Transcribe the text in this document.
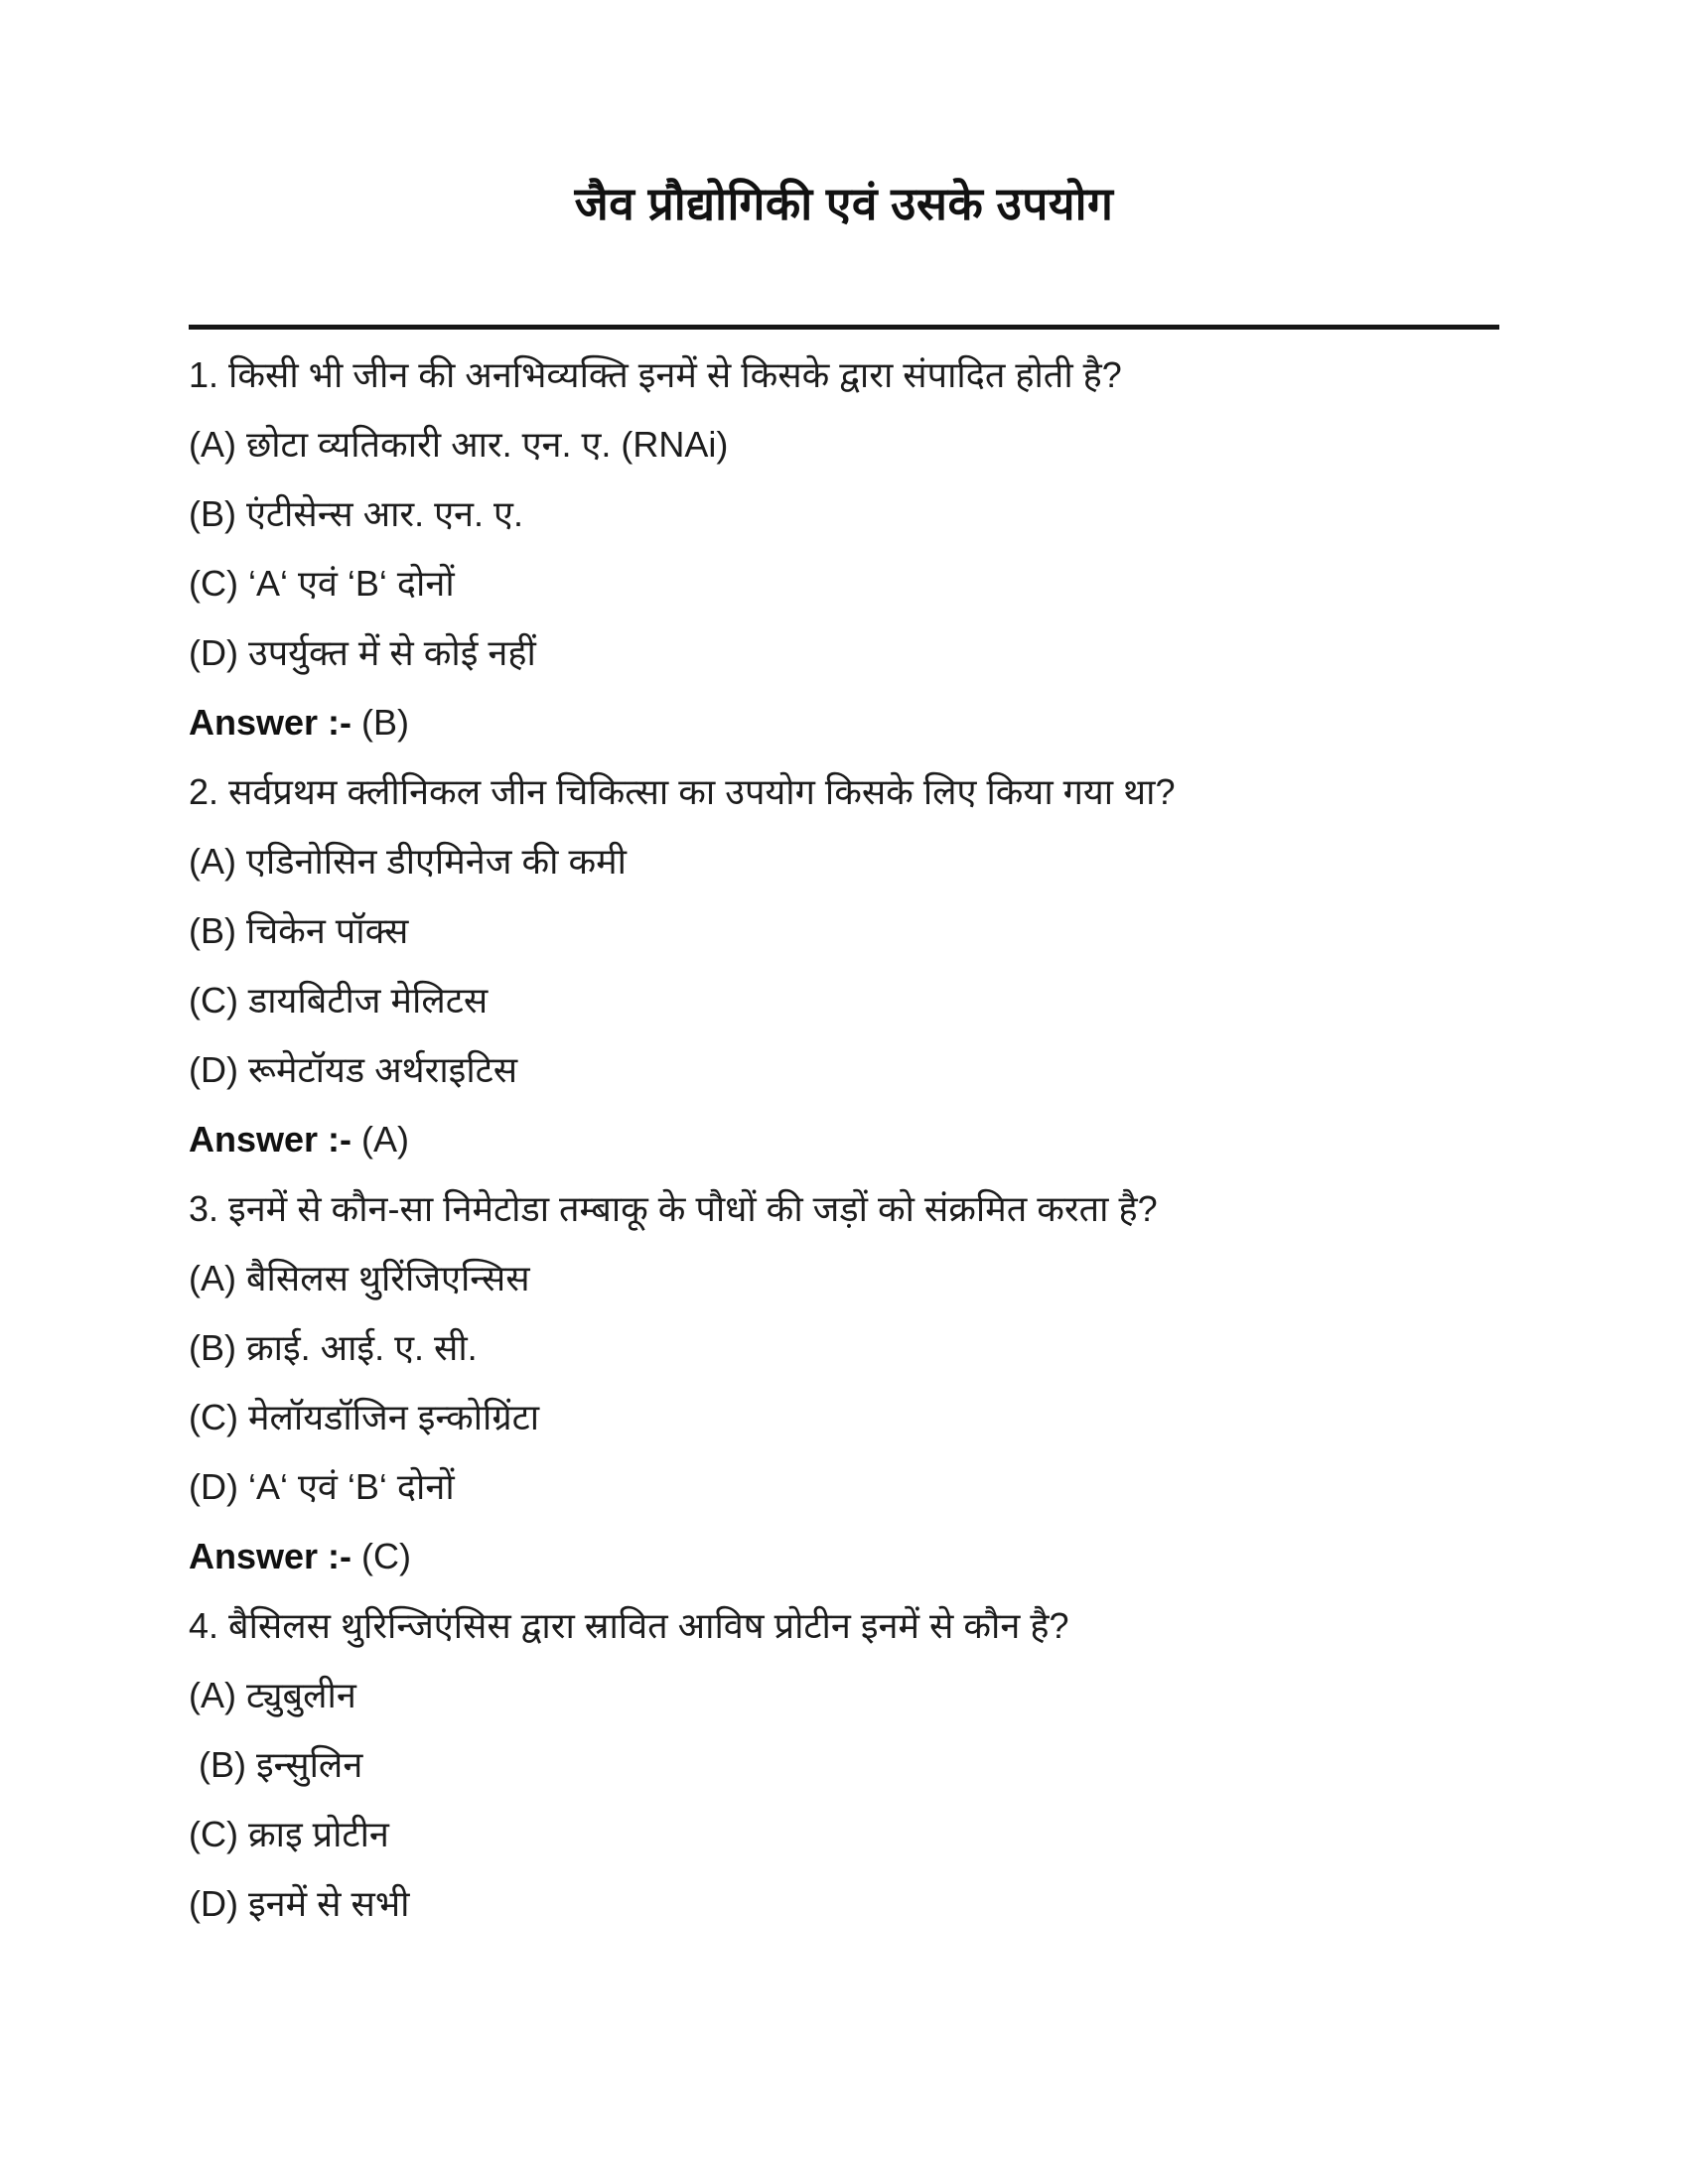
जैव प्रौद्योगिकी एवं उसके उपयोग

1. किसी भी जीन की अनभिव्यक्ति इनमें से किसके द्वारा संपादित होती है?

(A) छोटा व्यतिकारी आर. एन. ए. (RNAi)

(B) एंटीसेन्स आर. एन. ए.

(C) ‘A‘ एवं ‘B‘ दोनों

(D) उपर्युक्त में से कोई नहीं

Answer :- (B)

2. सर्वप्रथम क्लीनिकल जीन चिकित्सा का उपयोग किसके लिए किया गया था?

(A) एडिनोसिन डीएमिनेज की कमी

(B) चिकेन पॉक्स

(C) डायबिटीज मेलिटस

(D) रूमेटॉयड अर्थराइटिस

Answer :- (A)

3. इनमें से कौन-सा निमेटोडा तम्बाकू के पौधों की जड़ों को संक्रमित करता है?

(A) बैसिलस थुरिंजिएन्सिस

(B) क्राई. आई. ए. सी.

(C) मेलॉयडॉजिन इन्कोग्रिंटा

(D) ‘A‘ एवं ‘B‘ दोनों

Answer :- (C)

4. बैसिलस थुरिन्जिएंसिस द्वारा स्रावित आविष प्रोटीन इनमें से कौन है?

(A) ट्युबुलीन

(B) इन्सुलिन

(C) क्राइ प्रोटीन

(D) इनमें से सभी
